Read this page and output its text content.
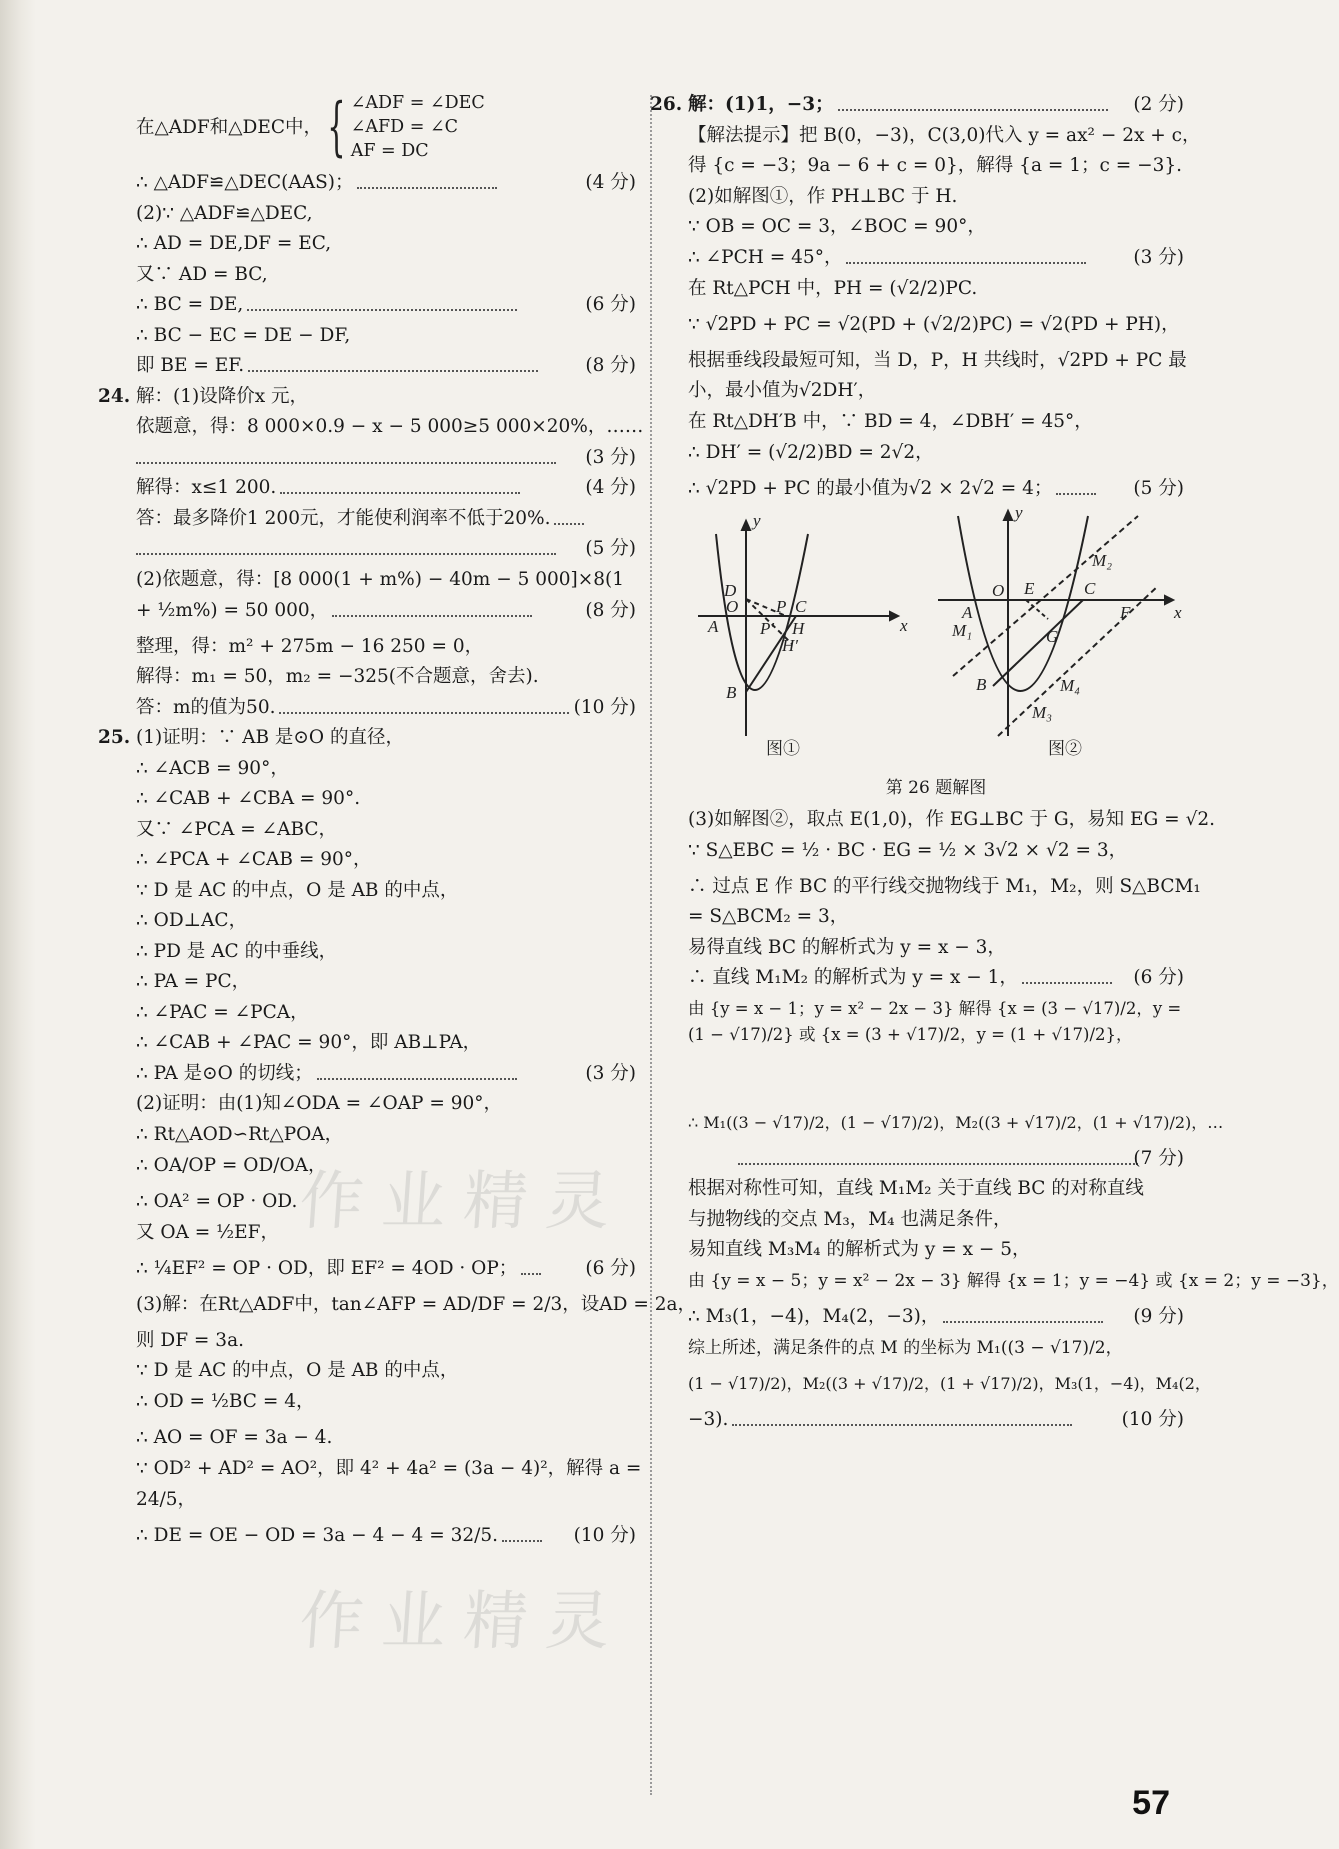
在△ADF和△DEC中， { ∠ADF = ∠DEC
∠AFD = ∠C
AF = DC
∴ △ADF≌△DEC(AAS)；	(4 分)
(2)∵ △ADF≌△DEC,
∴ AD = DE,DF = EC,
又∵ AD = BC,
∴ BC = DE,	(6 分)
∴ BC − EC = DE − DF,
即 BE = EF.	(8 分)
24. 解：(1)设降价x 元，
依题意，得：8 000×0.9 − x − 5 000≥5 000×20%，……
(3 分)
解得：x≤1 200.	(4 分)
答：最多降价1 200元，才能使利润率不低于20%.
(5 分)
(2)依题意，得：[8 000(1 + m%) − 40m − 5 000]×8(1
+ ½m%) = 50 000，	(8 分)
整理，得：m² + 275m − 16 250 = 0，
解得：m₁ = 50，m₂ = −325(不合题意，舍去).
答：m的值为50.	(10 分)
25. (1)证明：∵ AB 是⊙O 的直径，
∴ ∠ACB = 90°，
∴ ∠CAB + ∠CBA = 90°.
又∵ ∠PCA = ∠ABC，
∴ ∠PCA + ∠CAB = 90°，
∵ D 是 AC 的中点，O 是 AB 的中点，
∴ OD⊥AC，
∴ PD 是 AC 的中垂线，
∴ PA = PC，
∴ ∠PAC = ∠PCA，
∴ ∠CAB + ∠PAC = 90°，即 AB⊥PA，
∴ PA 是⊙O 的切线；	(3 分)
(2)证明：由(1)知∠ODA = ∠OAP = 90°，
∴ Rt△AOD∽Rt△POA，
∴ OA/OP = OD/OA，
∴ OA² = OP · OD.
又 OA = ½EF，
∴ ¼EF² = OP · OD，即 EF² = 4OD · OP；	(6 分)
(3)解：在Rt△ADF中，tan∠AFP = AD/DF = 2/3，设AD = 2a，
则 DF = 3a.
∵ D 是 AC 的中点，O 是 AB 的中点，
∴ OD = ½BC = 4，
∴ AO = OF = 3a − 4.
∵ OD² + AD² = AO²，即 4² + 4a² = (3a − 4)²，解得 a =
24/5，
∴ DE = OE − OD = 3a − 4 − 4 = 32/5.	(10 分)
26. 解：(1)1，−3；	(2 分)
【解法提示】把 B(0，−3)，C(3,0)代入 y = ax² − 2x + c，
得 {c = −3；9a − 6 + c = 0}，解得 {a = 1；c = −3}.
(2)如解图①，作 PH⊥BC 于 H.
∵ OB = OC = 3，∠BOC = 90°，
∴ ∠PCH = 45°，	(3 分)
在 Rt△PCH 中，PH = (√2/2)PC.
∵ √2PD + PC = √2(PD + (√2/2)PC) = √2(PD + PH)，
根据垂线段最短可知，当 D，P，H 共线时，√2PD + PC 最
小，最小值为√2DH′，
在 Rt△DH′B 中，∵ BD = 4，∠DBH′ = 45°，
∴ DH′ = (√2/2)BD = 2√2，
∴ √2PD + PC 的最小值为√2 × 2√2 = 4；	(5 分)
y
x
D
O
A P′
P C
H
H′
B
y
x
M₂
O E	C
F
A
M₁	G
B	M₄
M₃
图①	图②
第 26 题解图
(3)如解图②，取点 E(1,0)，作 EG⊥BC 于 G，易知 EG = √2.
∵ S△EBC = ½ · BC · EG = ½ × 3√2 × √2 = 3，
∴ 过点 E 作 BC 的平行线交抛物线于 M₁，M₂，则 S△BCM₁
= S△BCM₂ = 3，
易得直线 BC 的解析式为 y = x − 3，
∴ 直线 M₁M₂ 的解析式为 y = x − 1，	(6 分)
由 {y = x − 1；y = x² − 2x − 3} 解得 {x = (3 − √17)/2，y = (1 − √17)/2} 或 {x = (3 + √17)/2，y = (1 + √17)/2}，
∴ M₁((3 − √17)/2，(1 − √17)/2)，M₂((3 + √17)/2，(1 + √17)/2)，…
(7 分)
根据对称性可知，直线 M₁M₂ 关于直线 BC 的对称直线
与抛物线的交点 M₃，M₄ 也满足条件，
易知直线 M₃M₄ 的解析式为 y = x − 5，
由 {y = x − 5；y = x² − 2x − 3} 解得 {x = 1；y = −4} 或 {x = 2；y = −3}，
∴ M₃(1，−4)，M₄(2，−3)，	(9 分)
综上所述，满足条件的点 M 的坐标为 M₁((3 − √17)/2，
(1 − √17)/2)，M₂((3 + √17)/2，(1 + √17)/2)，M₃(1，−4)，M₄(2，
−3).	(10 分)
作业精灵
作业精灵
57
